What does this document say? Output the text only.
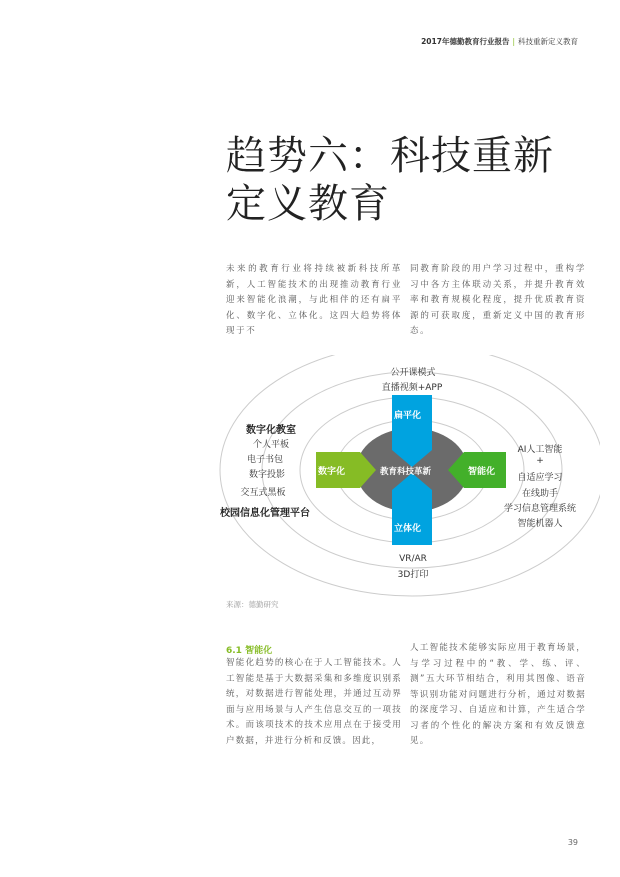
2017年德勤教育行业报告 | 科技重新定义教育
趋势六：科技重新
定义教育

未来的教育行业将持续被新科技所革新，人工智能技术的出现推动教育行业迎来智能化浪潮，与此相伴的还有扁平化、数字化、立体化。这四大趋势将体现于不

同教育阶段的用户学习过程中，重构学习中各方主体联动关系，并提升教育效率和教育规模化程度，提升优质教育资源的可获取度，重新定义中国的教育形态。

公开课模式
直播视频+APP
扁平化
数字化	教育科技革新	智能化
立体化
VR/AR
3D打印
数字化教室
个人平板
电子书包
数字投影
交互式黑板
校园信息化管理平台
AI人工智能
+
自适应学习
在线助手
学习信息管理系统
智能机器人
来源：德勤研究
6.1 智能化

智能化趋势的核心在于人工智能技术。人工智能是基于大数据采集和多维度识别系统，对数据进行智能处理，并通过互动界面与应用场景与人产生信息交互的一项技术。而该项技术的技术应用点在于接受用户数据，并进行分析和反馈。因此，

人工智能技术能够实际应用于教育场景，与学习过程中的“教、学、练、评、测”五大环节相结合，利用其图像、语音等识别功能对问题进行分析，通过对数据的深度学习、自适应和计算，产生适合学习者的个性化的解决方案和有效反馈意见。

39
